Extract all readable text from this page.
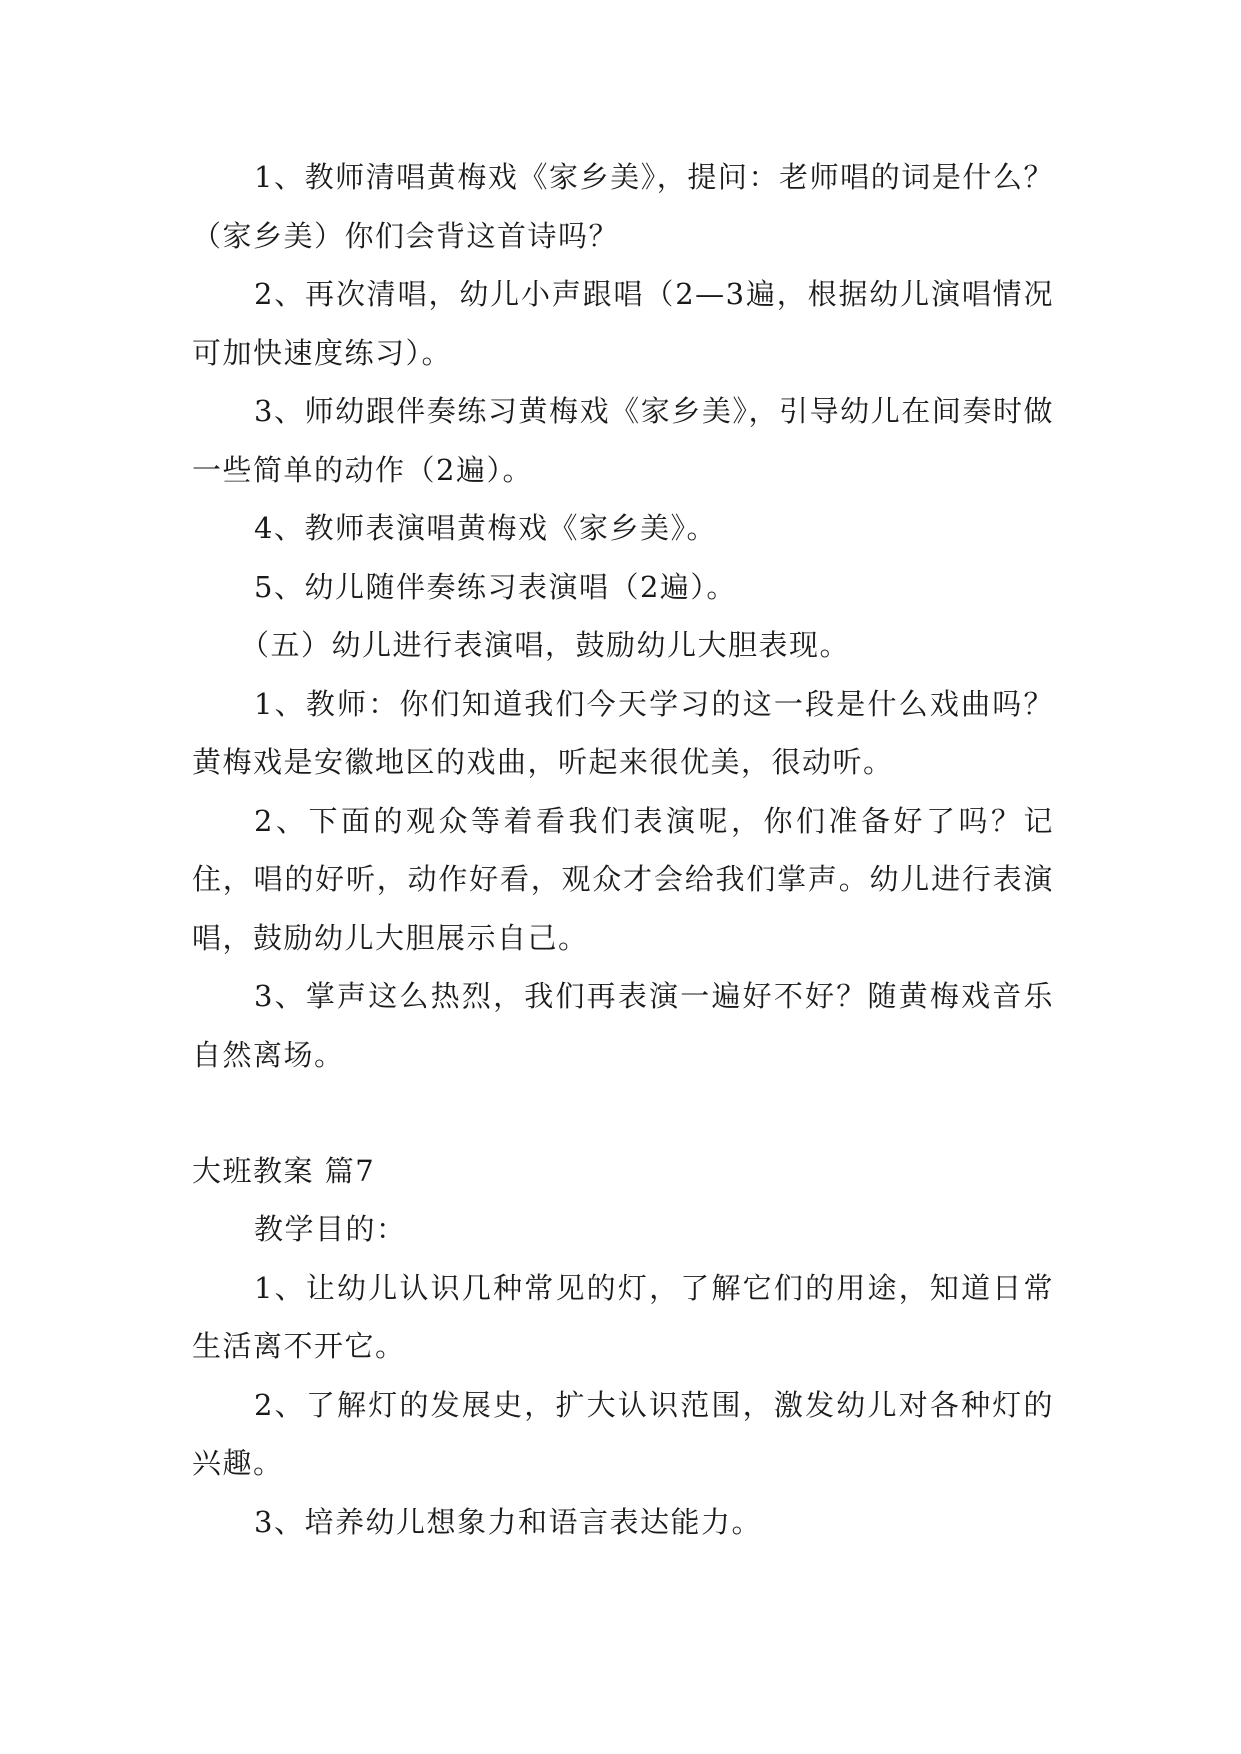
1、教师清唱黄梅戏《家乡美》，提问：老师唱的词是什么？（家乡美）你们会背这首诗吗？

2、再次清唱，幼儿小声跟唱（2—3遍，根据幼儿演唱情况可加快速度练习）。

3、师幼跟伴奏练习黄梅戏《家乡美》，引导幼儿在间奏时做一些简单的动作（2遍）。

4、教师表演唱黄梅戏《家乡美》。

5、幼儿随伴奏练习表演唱（2遍）。

（五）幼儿进行表演唱，鼓励幼儿大胆表现。

1、教师：你们知道我们今天学习的这一段是什么戏曲吗？黄梅戏是安徽地区的戏曲，听起来很优美，很动听。

2、下面的观众等着看我们表演呢，你们准备好了吗？记住，唱的好听，动作好看，观众才会给我们掌声。幼儿进行表演唱，鼓励幼儿大胆展示自己。

3、掌声这么热烈，我们再表演一遍好不好？随黄梅戏音乐自然离场。

大班教案 篇7

教学目的：

1、让幼儿认识几种常见的灯，了解它们的用途，知道日常生活离不开它。

2、了解灯的发展史，扩大认识范围，激发幼儿对各种灯的兴趣。

3、培养幼儿想象力和语言表达能力。
